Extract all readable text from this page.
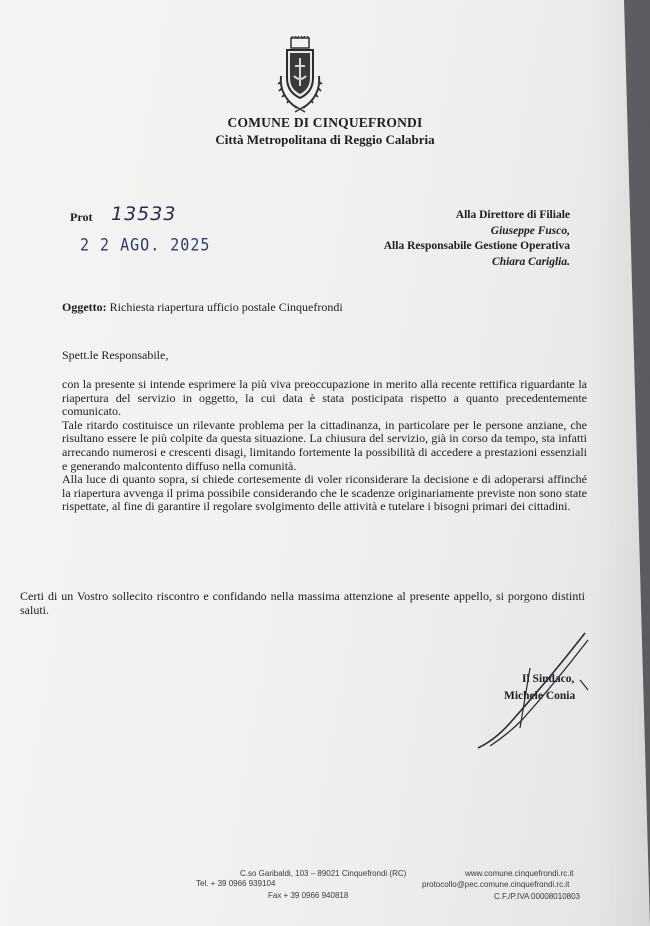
COMUNE DI CINQUEFRONDI
Città Metropolitana di Reggio Calabria
Prot 13533
2 2 AGO. 2025
Alla Direttore di Filiale
Giuseppe Fusco,
Alla Responsabile Gestione Operativa
Chiara Cariglia.
Oggetto: Richiesta riapertura ufficio postale Cinquefrondi
Spett.le Responsabile,

con la presente si intende esprimere la più viva preoccupazione in merito alla recente rettifica riguardante la riapertura del servizio in oggetto, la cui data è stata posticipata rispetto a quanto precedentemente comunicato.

Tale ritardo costituisce un rilevante problema per la cittadinanza, in particolare per le persone anziane, che risultano essere le più colpite da questa situazione. La chiusura del servizio, già in corso da tempo, sta infatti arrecando numerosi e crescenti disagi, limitando fortemente la possibilità di accedere a prestazioni essenziali e generando malcontento diffuso nella comunità.

Alla luce di quanto sopra, si chiede cortesemente di voler riconsiderare la decisione e di adoperarsi affinché la riapertura avvenga il prima possibile considerando che le scadenze originariamente previste non sono state rispettate, al fine di garantire il regolare svolgimento delle attività e tutelare i bisogni primari dei cittadini.

Certi di un Vostro sollecito riscontro e confidando nella massima attenzione al presente appello, si porgono distinti saluti.
Il Sindaco,
Michele Conia
C.so Garibaldi, 103 – 89021 Cinquefrondi (RC)
Tel. + 39 0966 939104
Fax + 39 0966 940818
www.comune.cinquefrondi.rc.it
protocollo@pec.comune.cinquefrondi.rc.it
C.F./P.IVA 00008010803
